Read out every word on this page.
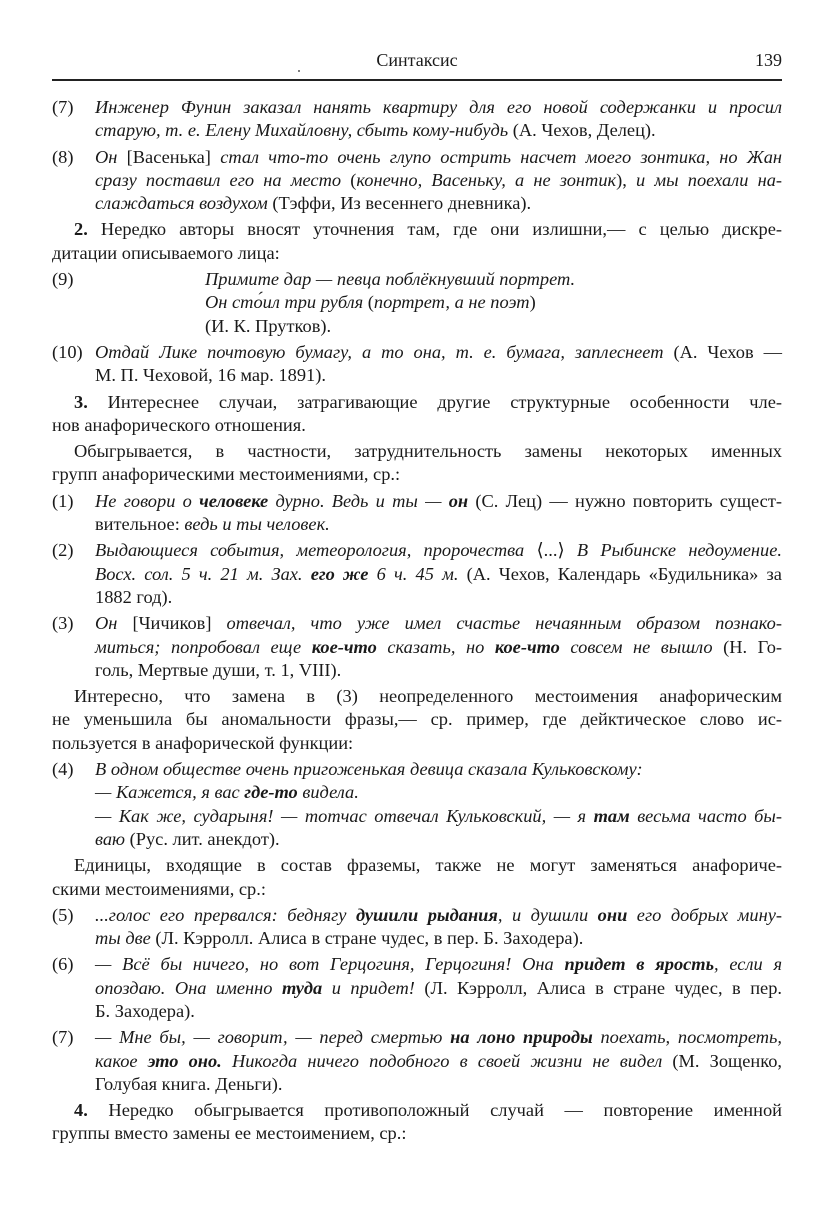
Синтаксис	139
(7) Инженер Фунин заказал нанять квартиру для его новой содержанки и просил
старую, т. е. Елену Михайловну, сбыть кому-нибудь (А. Чехов, Делец).
(8) Он [Васенька] стал что-то очень глупо острить насчет моего зонтика, но Жан
сразу поставил его на место (конечно, Васеньку, а не зонтик), и мы поехали на-
слаждаться воздухом (Тэффи, Из весеннего дневника).
2. Нередко авторы вносят уточнения там, где они излишни,— с целью дискре-
дитации описываемого лица:
(9)	Примите дар — певца поблёкнувший портрет.
Он сто́ил три рубля (портрет, а не поэт)
(И. К. Прутков).
(10) Отдай Лике почтовую бумагу, а то она, т. е. бумага, заплеснеет (А. Чехов —
М. П. Чеховой, 16 мар. 1891).
3. Интереснее случаи, затрагивающие другие структурные особенности чле-
нов анафорического отношения.
Обыгрывается, в частности, затруднительность замены некоторых именных
групп анафорическими местоимениями, ср.:
(1) Не говори о человеке дурно. Ведь и ты — он (С. Лец) — нужно повторить сущест-
вительное: ведь и ты человек.
(2) Выдающиеся события, метеорология, пророчества ⟨...⟩ В Рыбинске недоумение.
Восх. сол. 5 ч. 21 м. Зах. его же 6 ч. 45 м. (А. Чехов, Календарь «Будильника» за
1882 год).
(3) Он [Чичиков] отвечал, что уже имел счастье нечаянным образом познако-
миться; попробовал еще кое-что сказать, но кое-что совсем не вышло (Н. Го-
голь, Мертвые души, т. 1, VIII).
Интересно, что замена в (3) неопределенного местоимения анафорическим
не уменьшила бы аномальности фразы,— ср. пример, где дейктическое слово ис-
пользуется в анафорической функции:
(4) В одном обществе очень пригоженькая девица сказала Кульковскому:
— Кажется, я вас где-то видела.
— Как же, сударыня! — тотчас отвечал Кульковский, — я там весьма часто бы-
ваю (Рус. лит. анекдот).
Единицы, входящие в состав фраземы, также не могут заменяться анафориче-
скими местоимениями, ср.:
(5) ...голос его прервался: беднягу душили рыдания, и душили они его добрых мину-
ты две (Л. Кэрролл. Алиса в стране чудес, в пер. Б. Заходера).
(6) — Всё бы ничего, но вот Герцогиня, Герцогиня! Она придет в ярость, если я
опоздаю. Она именно туда и придет! (Л. Кэрролл, Алиса в стране чудес, в пер.
Б. Заходера).
(7) — Мне бы, — говорит, — перед смертью на лоно природы поехать, посмотреть,
какое это оно. Никогда ничего подобного в своей жизни не видел (М. Зощенко,
Голубая книга. Деньги).
4. Нередко обыгрывается противоположный случай — повторение именной
группы вместо замены ее местоимением, ср.:
